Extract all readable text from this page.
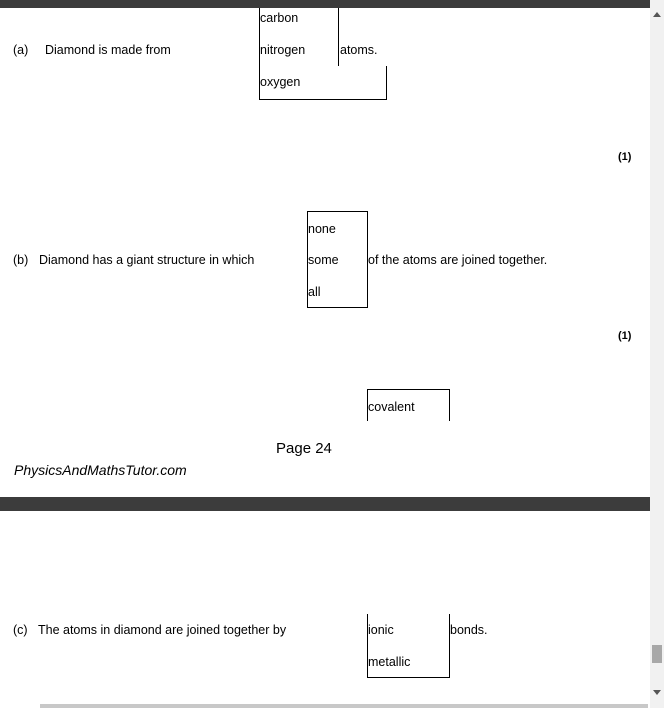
(a) Diamond is made from
carbon
nitrogen
oxygen
atoms.
(1)
(b) Diamond has a giant structure in which
none
some
all
of the atoms are joined together.
(1)
covalent
Page 24
PhysicsAndMathsTutor.com
(c) The atoms in diamond are joined together by	ionic
metallic
bonds.
